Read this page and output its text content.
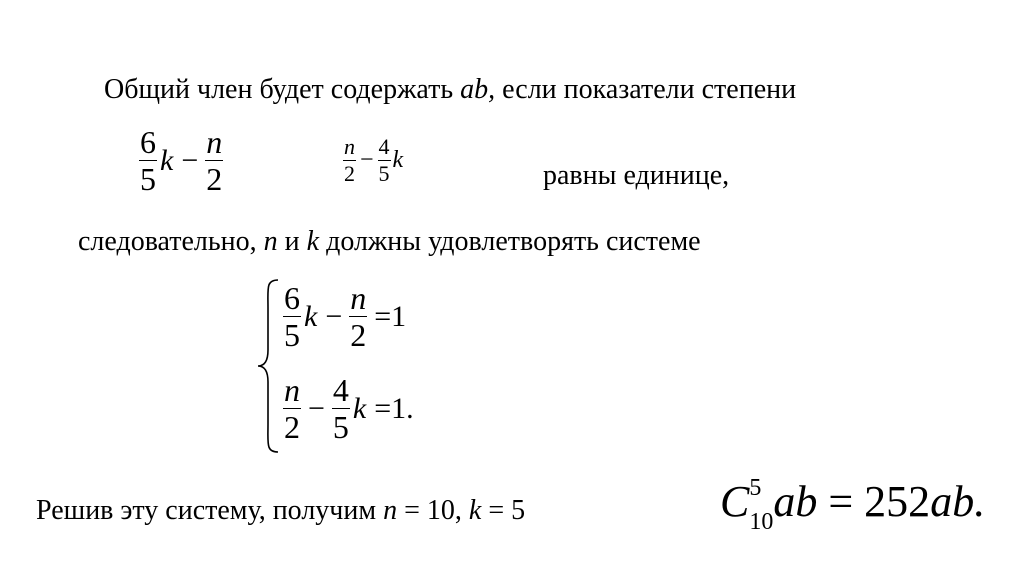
Общий член будет содержать ab, если показатели степени
$\frac{6}{5}$ $k - \frac{n}{2}$	$\frac{n}{2} - \frac{4}{5}$ k	равны единице,
следовательно, n и k должны удовлетворять системе
$\frac{6}{5}$ $k - \frac{n}{2} =1$
$\frac{n}{2} - \frac{4}{5}$ k =1.
Решив эту систему, получим n = 10, k = 5	C 5
10 ab = 252ab.
